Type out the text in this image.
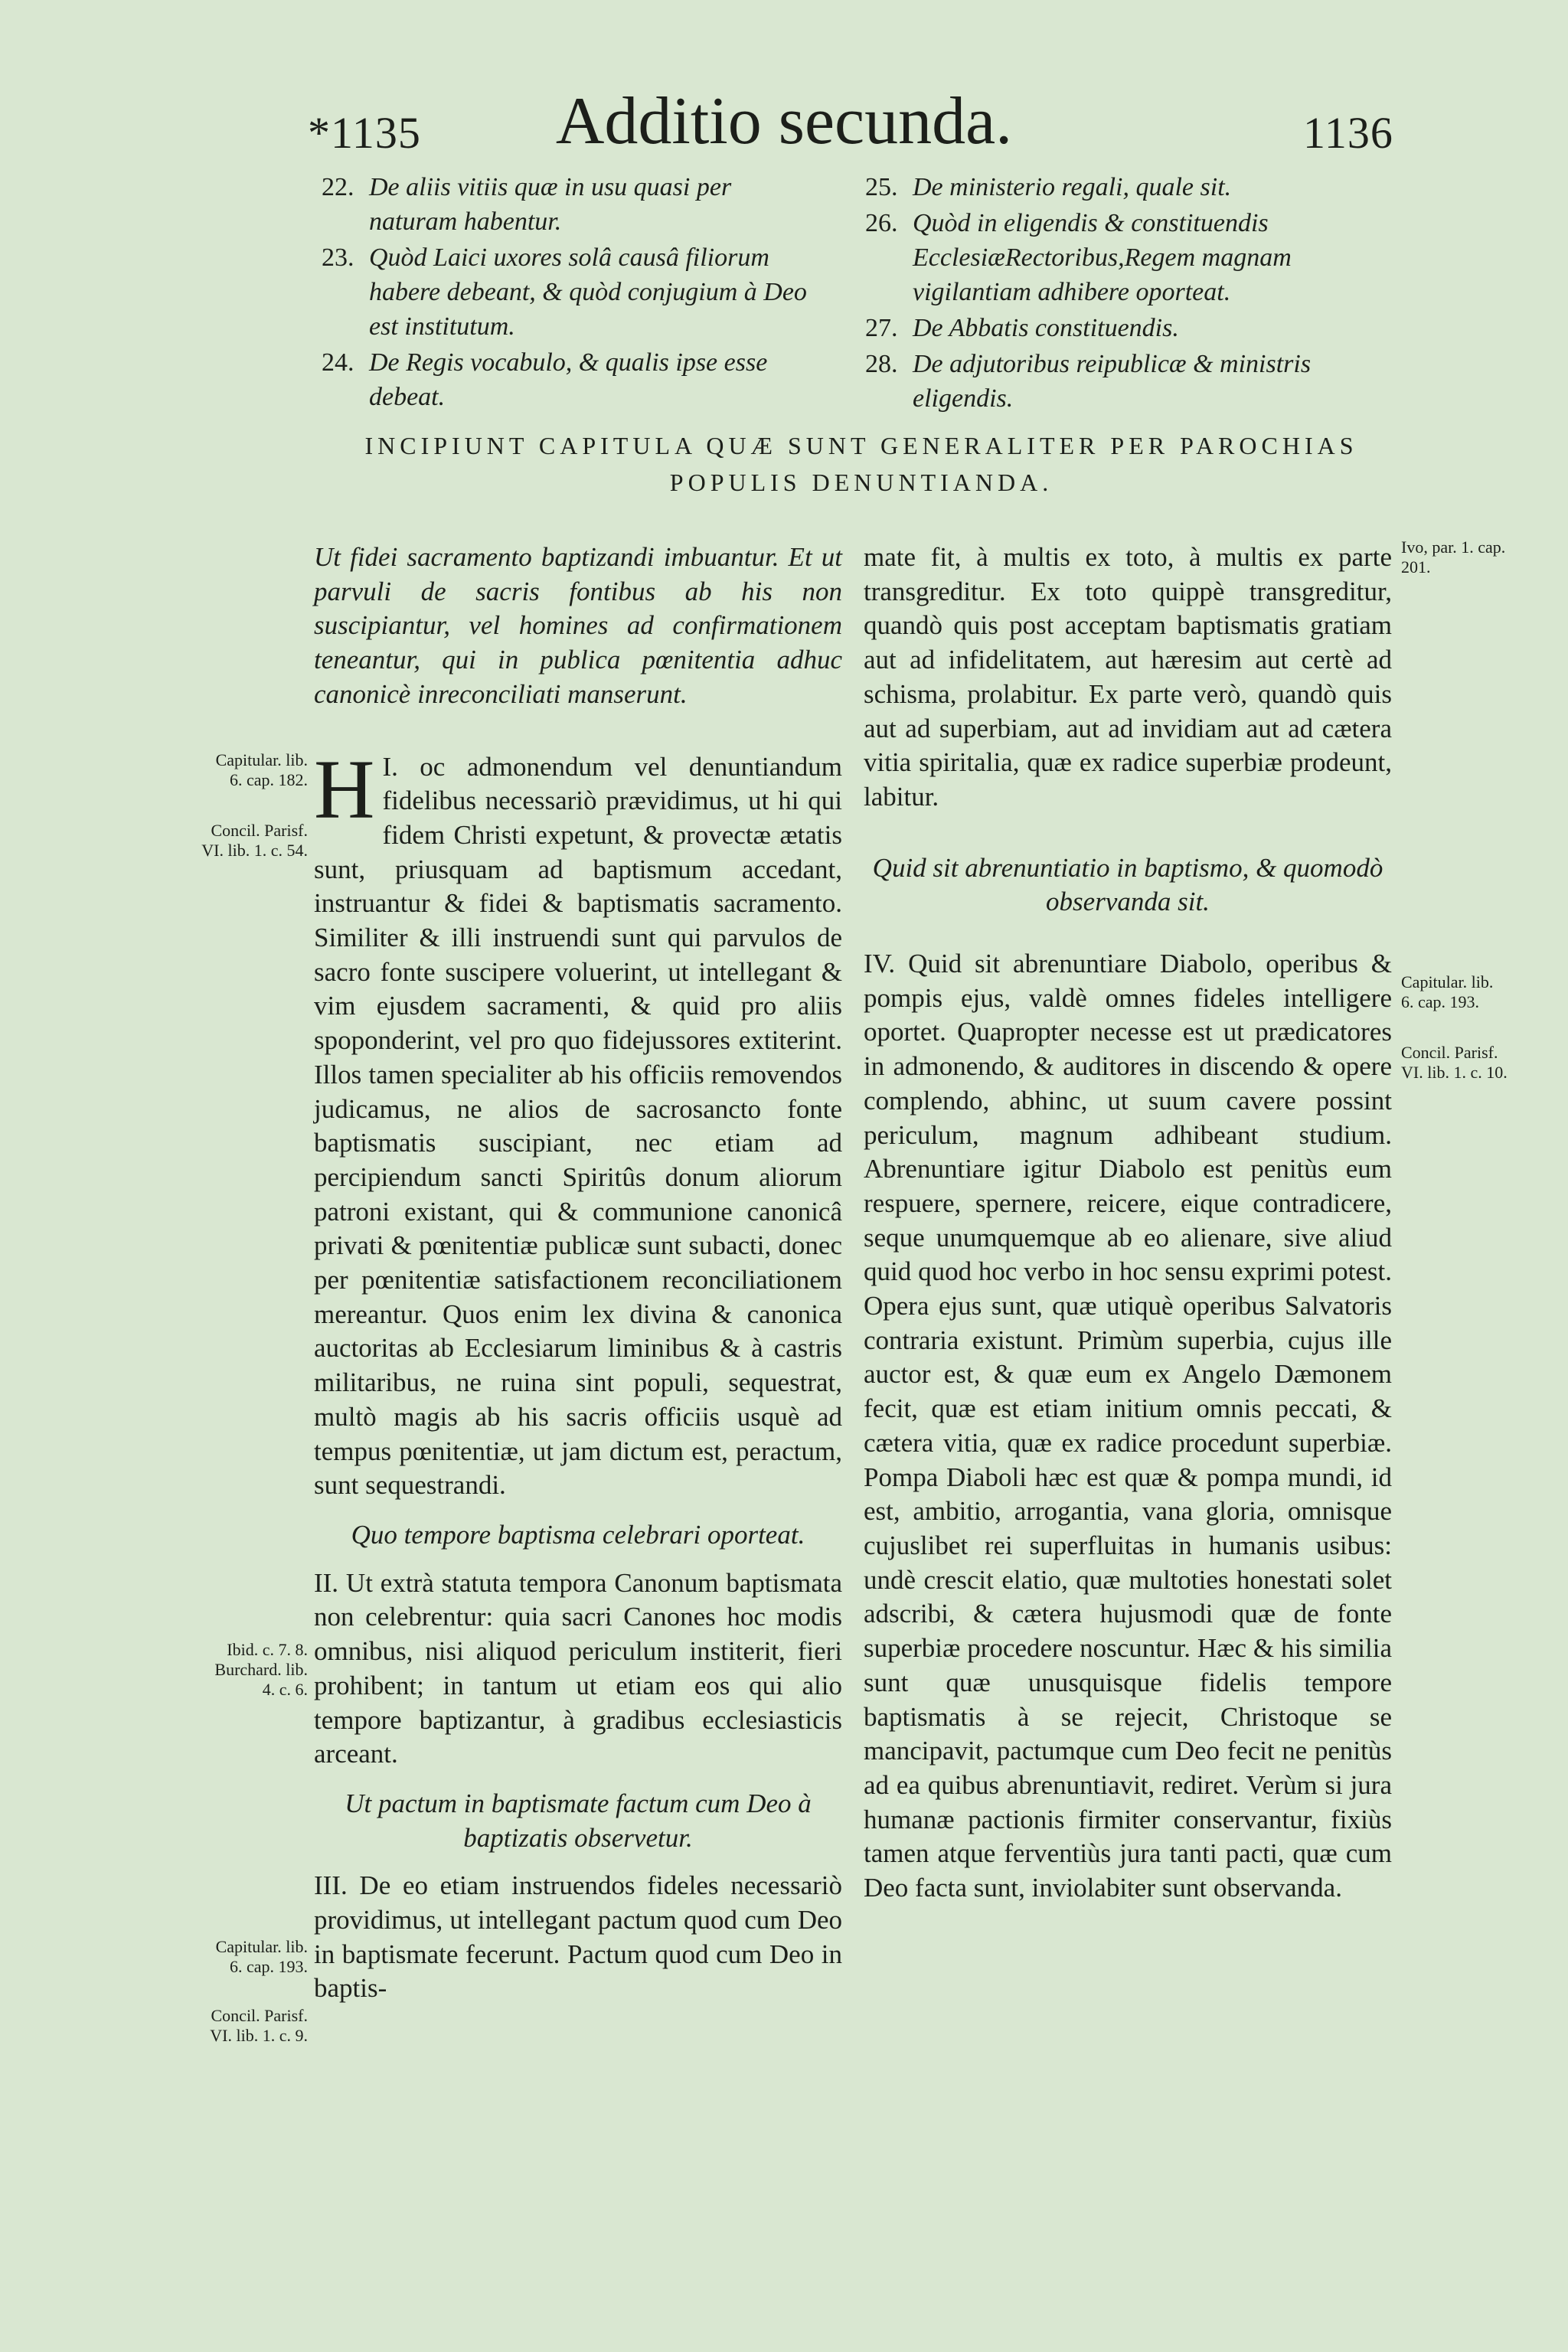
*1135	Additio secunda.	1136
22. De aliis vitiis quæ in usu quasi per naturam habentur.
23. Quòd Laici uxores solâ causâ filiorum habere debeant, & quòd conjugium à Deo est institutum.
24. De Regis vocabulo, & qualis ipse esse debeat.
25. De ministerio regali, quale sit.
26. Quòd in eligendis & constituendis EcclesiæRectoribus,Regem magnam vigilantiam adhibere oporteat.
27. De Abbatis constituendis.
28. De adjutoribus reipublicæ & ministris eligendis.
INCIPIUNT CAPITULA QUÆ SUNT GENERALITER PER PAROCHIAS POPULIS DENUNTIANDA.

Ut fidei sacramento baptizandi imbuantur. Et ut parvuli de sacris fontibus ab his non suscipiantur, vel homines ad confirmationem teneantur, qui in publica pœnitentia adhuc canonicè inreconciliati manserunt.

I.
H oc admonendum vel denuntiandum fidelibus necessariò prævidimus, ut hi qui fidem Christi expetunt, & provectæ ætatis sunt, priusquam ad baptismum accedant, instruantur & fidei & baptismatis sacramento. Similiter & illi instruendi sunt qui parvulos de sacro fonte suscipere voluerint, ut intellegant & vim ejusdem sacramenti, & quid pro aliis spoponderint, vel pro quo fidejussores extiterint. Illos tamen specialiter ab his officiis removendos judicamus, ne alios de sacrosancto fonte baptismatis suscipiant, nec etiam ad percipiendum sancti Spiritûs donum aliorum patroni existant, qui & communione canonicâ privati & pœnitentiæ publicæ sunt subacti, donec per pœnitentiæ satisfactionem reconciliationem mereantur. Quos enim lex divina & canonica auctoritas ab Ecclesiarum liminibus & à castris militaribus, ne ruina sint populi, sequestrat, multò magis ab his sacris officiis usquè ad tempus pœnitentiæ, ut jam dictum est, peractum, sunt sequestrandi.

Quo tempore baptisma celebrari oporteat.

II. Ut extrà statuta tempora Canonum baptismata non celebrentur: quia sacri Canones hoc modis omnibus, nisi aliquod periculum institerit, fieri prohibent; in tantum ut etiam eos qui alio tempore baptizantur, à gradibus ecclesiasticis arceant.

Ut pactum in baptismate factum cum Deo à baptizatis observetur.

III. De eo etiam instruendos fideles necessariò providimus, ut intellegant pactum quod cum Deo in baptismate fecerunt. Pactum quod cum Deo in baptis-

mate fit, à multis ex toto, à multis ex parte transgreditur. Ex toto quippè transgreditur, quandò quis post acceptam baptismatis gratiam aut ad infidelitatem, aut hæresim aut certè ad schisma, prolabitur. Ex parte verò, quandò quis aut ad superbiam, aut ad invidiam aut ad cætera vitia spiritalia, quæ ex radice superbiæ prodeunt, labitur.

Quid sit abrenuntiatio in baptismo, & quomodò observanda sit.

IV. Quid sit abrenuntiare Diabolo, operibus & pompis ejus, valdè omnes fideles intelligere oportet. Quapropter necesse est ut prædicatores in admonendo, & auditores in discendo & opere complendo, abhinc, ut suum cavere possint periculum, magnum adhibeant studium. Abrenuntiare igitur Diabolo est penitùs eum respuere, spernere, reicere, eique contradicere, seque unumquemque ab eo alienare, sive aliud quid quod hoc verbo in hoc sensu exprimi potest. Opera ejus sunt, quæ utiquè operibus Salvatoris contraria existunt. Primùm superbia, cujus ille auctor est, & quæ eum ex Angelo Dæmonem fecit, quæ est etiam initium omnis peccati, & cætera vitia, quæ ex radice procedunt superbiæ. Pompa Diaboli hæc est quæ & pompa mundi, id est, ambitio, arrogantia, vana gloria, omnisque cujuslibet rei superfluitas in humanis usibus: undè crescit elatio, quæ multoties honestati solet adscribi, & cætera hujusmodi quæ de fonte superbiæ procedere noscuntur. Hæc & his similia sunt quæ unusquisque fidelis tempore baptismatis à se rejecit, Christoque se mancipavit, pactumque cum Deo fecit ne penitùs ad ea quibus abrenuntiavit, rediret. Verùm si jura humanæ pactionis firmiter conservantur, fixiùs tamen atque ferventiùs jura tanti pacti, quæ cum Deo facta sunt, inviolabiter sunt observanda.

Capitular. lib. 6. cap. 182.
Concil. Parisf. VI. lib. 1. c. 54.
Ibid. c. 7. 8. Burchard. lib. 4. c. 6.
Capitular. lib. 6. cap. 193.
Concil. Parisf. VI. lib. 1. c. 9.
Ivo, par. 1. cap. 201.
Capitular. lib. 6. cap. 193.
Concil. Parisf. VI. lib. 1. c. 10.
